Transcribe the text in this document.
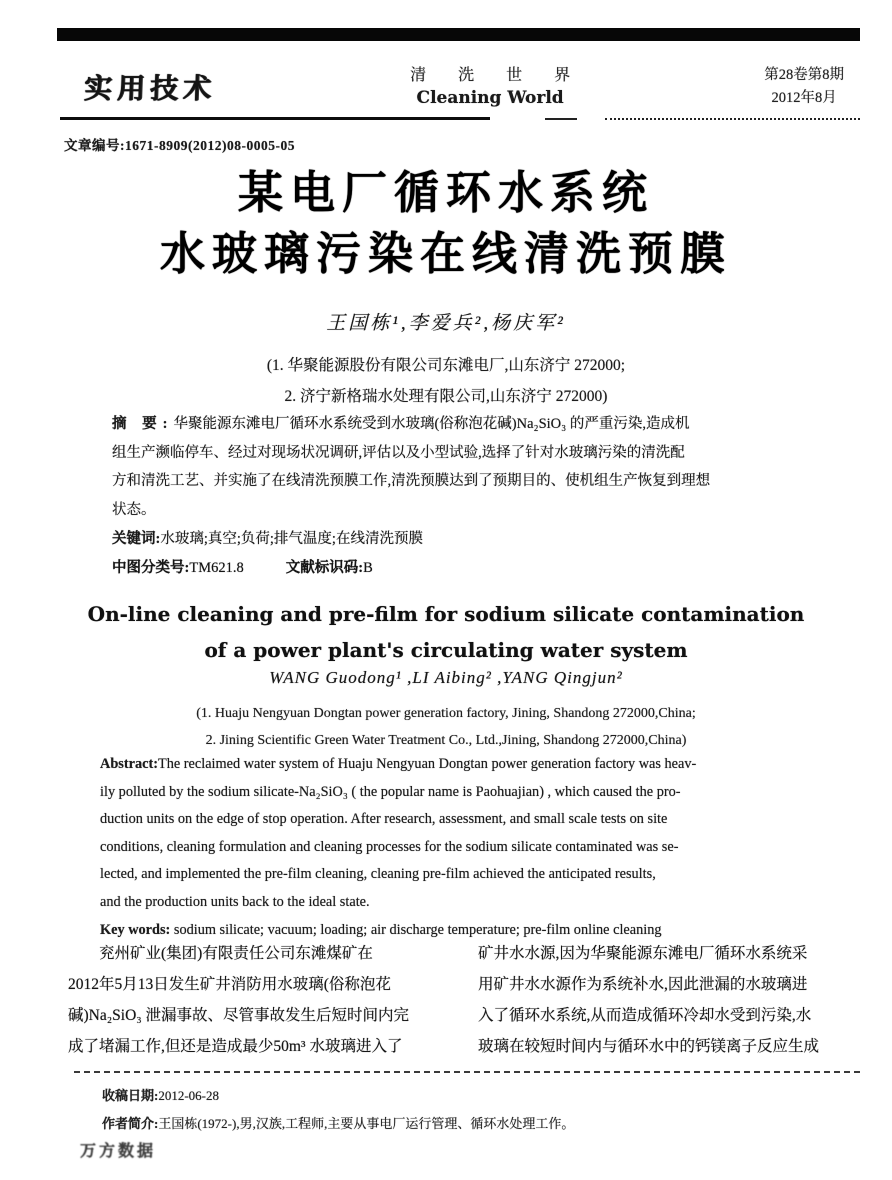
实用技术	清 洗 世 界
Cleaning World
第28卷第8期
2012年8月
文章编号:1671-8909(2012)08-0005-05
某电厂循环水系统
水玻璃污染在线清洗预膜
王国栋¹,李爱兵²,杨庆军²
(1. 华聚能源股份有限公司东滩电厂,山东济宁 272000;
2. 济宁新格瑞水处理有限公司,山东济宁 272000)
摘 要:华聚能源东滩电厂循环水系统受到水玻璃(俗称泡花碱)Na₂SiO₃ 的严重污染,造成机
组生产濒临停车、经过对现场状况调研,评估以及小型试验,选择了针对水玻璃污染的清洗配
方和清洗工艺、并实施了在线清洗预膜工作,清洗预膜达到了预期目的、使机组生产恢复到理想
状态。
关键词:水玻璃;真空;负荷;排气温度;在线清洗预膜
中图分类号:TM621.8	文献标识码:B
On-line cleaning and pre-film for sodium silicate contamination
of a power plant's circulating water system
WANG Guodong¹ ,LI Aibing² ,YANG Qingjun²
(1. Huaju Nengyuan Dongtan power generation factory, Jining, Shandong 272000,China;
2. Jining Scientific Green Water Treatment Co., Ltd.,Jining, Shandong 272000,China)
Abstract:The reclaimed water system of Huaju Nengyuan Dongtan power generation factory was heav-
ily polluted by the sodium silicate-Na₂SiO₃ ( the popular name is Paohuajian) , which caused the pro-
duction units on the edge of stop operation. After research, assessment, and small scale tests on site
conditions, cleaning formulation and cleaning processes for the sodium silicate contaminated was se-
lected, and implemented the pre-film cleaning, cleaning pre-film achieved the anticipated results,
and the production units back to the ideal state.
Key words: sodium silicate; vacuum; loading; air discharge temperature; pre-film online cleaning
兖州矿业(集团)有限责任公司东滩煤矿在
2012年5月13日发生矿井消防用水玻璃(俗称泡花
碱)Na₂SiO₃ 泄漏事故、尽管事故发生后短时间内完
成了堵漏工作,但还是造成最少50m³ 水玻璃进入了
矿井水水源,因为华聚能源东滩电厂循环水系统采
用矿井水水源作为系统补水,因此泄漏的水玻璃进
入了循环水系统,从而造成循环冷却水受到污染,水
玻璃在较短时间内与循环水中的钙镁离子反应生成
收稿日期:2012-06-28
作者简介:王国栋(1972-),男,汉族,工程师,主要从事电厂运行管理、循环水处理工作。
万方数据
